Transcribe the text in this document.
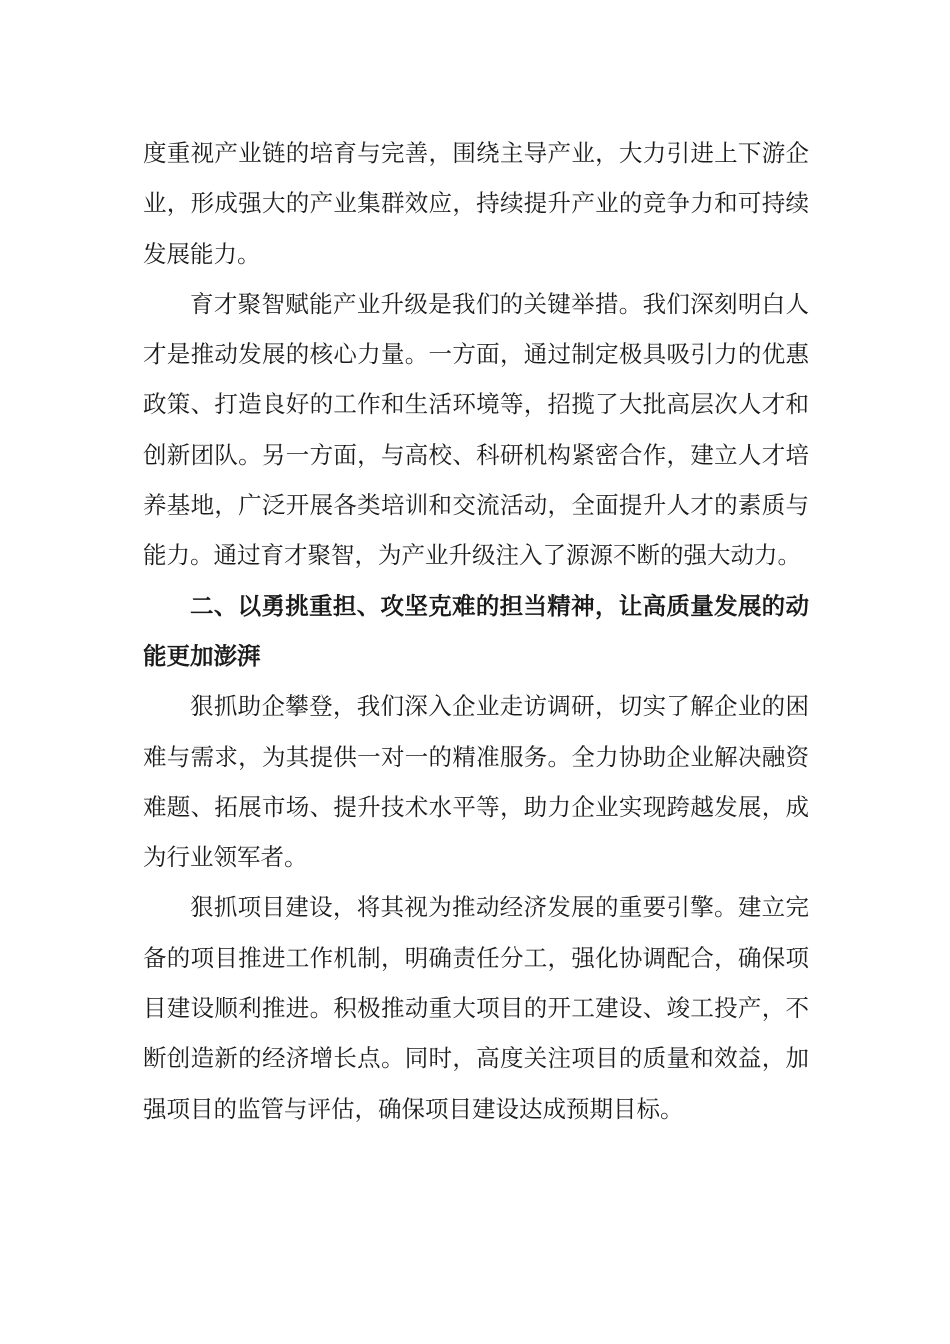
度重视产业链的培育与完善，围绕主导产业，大力引进上下游企业，形成强大的产业集群效应，持续提升产业的竞争力和可持续发展能力。

育才聚智赋能产业升级是我们的关键举措。我们深刻明白人才是推动发展的核心力量。一方面，通过制定极具吸引力的优惠政策、打造良好的工作和生活环境等，招揽了大批高层次人才和创新团队。另一方面，与高校、科研机构紧密合作，建立人才培养基地，广泛开展各类培训和交流活动，全面提升人才的素质与能力。通过育才聚智，为产业升级注入了源源不断的强大动力。

二、以勇挑重担、攻坚克难的担当精神，让高质量发展的动能更加澎湃

狠抓助企攀登，我们深入企业走访调研，切实了解企业的困难与需求，为其提供一对一的精准服务。全力协助企业解决融资难题、拓展市场、提升技术水平等，助力企业实现跨越发展，成为行业领军者。

狠抓项目建设，将其视为推动经济发展的重要引擎。建立完备的项目推进工作机制，明确责任分工，强化协调配合，确保项目建设顺利推进。积极推动重大项目的开工建设、竣工投产，不断创造新的经济增长点。同时，高度关注项目的质量和效益，加强项目的监管与评估，确保项目建设达成预期目标。
